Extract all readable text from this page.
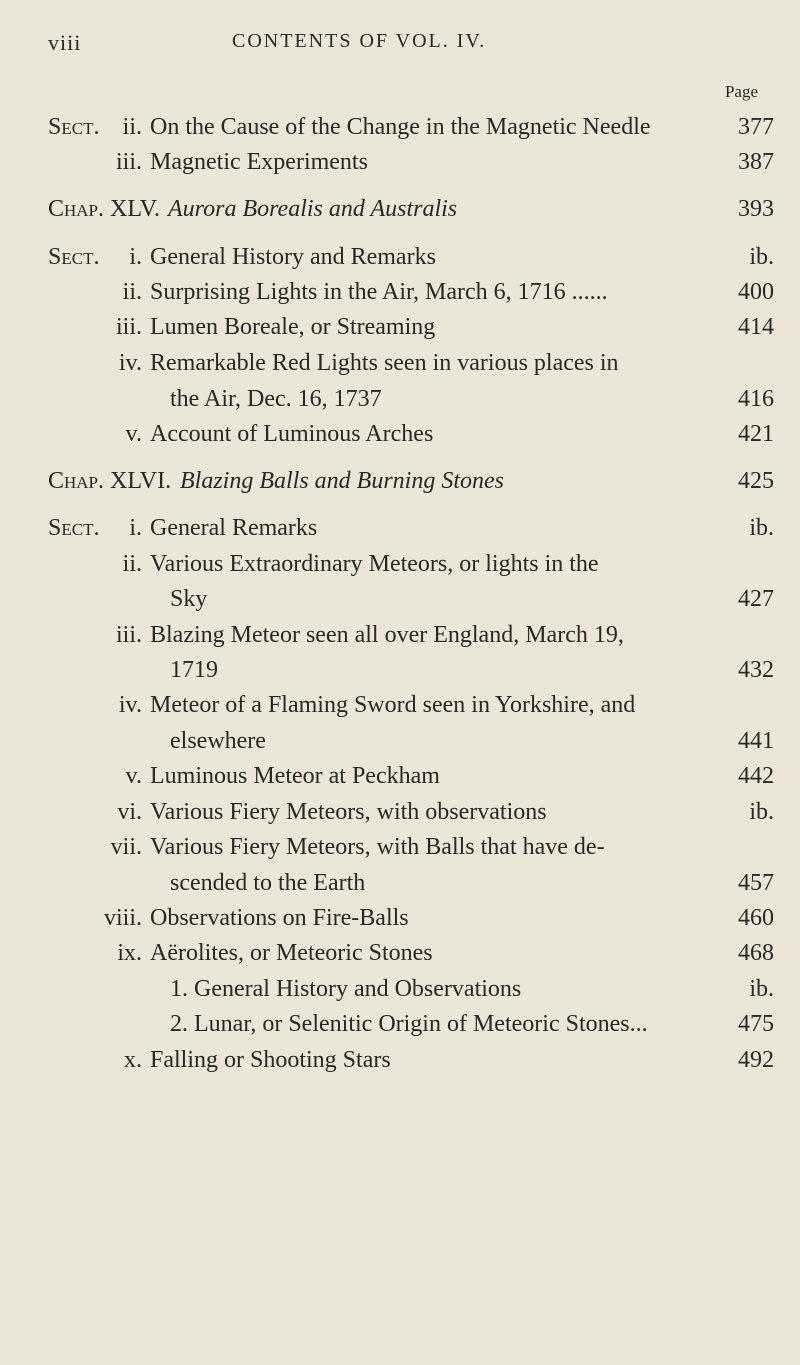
viii	CONTENTS OF VOL. IV.
Page
Sect. ii. On the Cause of the Change in the Magnetic Needle	377
iii. Magnetic Experiments	387
Chap. XLV. Aurora Borealis and Australis	393
Sect.	i. General History and Remarks	ib.
ii. Surprising Lights in the Air, March 6, 1716 ......	400
iii. Lumen Boreale, or Streaming	414
iv. Remarkable Red Lights seen in various places in
the Air, Dec. 16, 1737	416
v. Account of Luminous Arches	421
Chap. XLVI. Blazing Balls and Burning Stones	425
Sect.	i. General Remarks	ib.
ii. Various Extraordinary Meteors, or lights in the
Sky	427
iii. Blazing Meteor seen all over England, March 19,
1719	432
iv. Meteor of a Flaming Sword seen in Yorkshire, and
elsewhere	441
v. Luminous Meteor at Peckham	442
vi. Various Fiery Meteors, with observations	ib.
vii. Various Fiery Meteors, with Balls that have de-
scended to the Earth	457
viii. Observations on Fire-Balls	460
ix. Aërolites, or Meteoric Stones	468
1. General History and Observations	ib.
2. Lunar, or Selenitic Origin of Meteoric Stones...	475
x. Falling or Shooting Stars	492
